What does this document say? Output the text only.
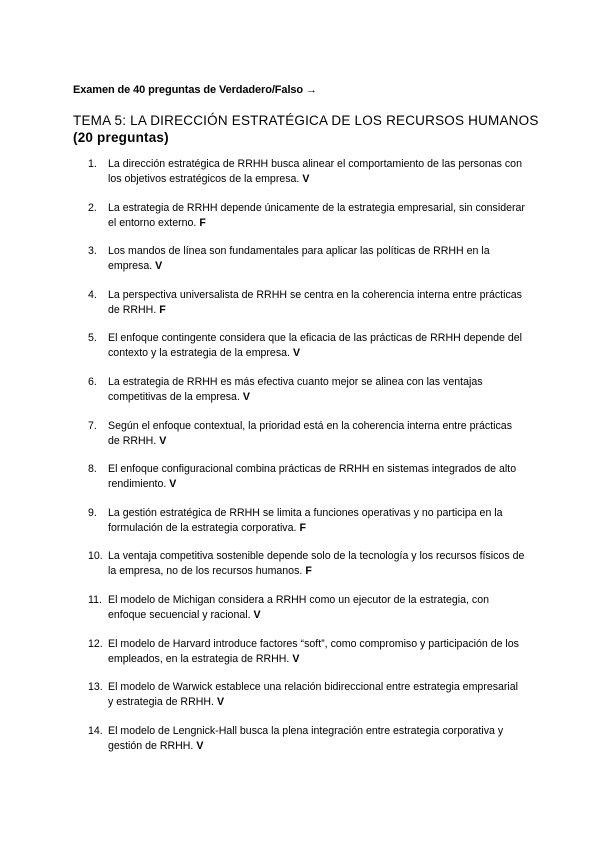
Examen de 40 preguntas de Verdadero/Falso →
TEMA 5: LA DIRECCIÓN ESTRATÉGICA DE LOS RECURSOS HUMANOS
(20 preguntas)
1.	La dirección estratégica de RRHH busca alinear el comportamiento de las personas con los objetivos estratégicos de la empresa. V
2.	La estrategia de RRHH depende únicamente de la estrategia empresarial, sin considerar el entorno externo. F
3.	Los mandos de línea son fundamentales para aplicar las políticas de RRHH en la empresa. V
4.	La perspectiva universalista de RRHH se centra en la coherencia interna entre prácticas de RRHH. F
5.	El enfoque contingente considera que la eficacia de las prácticas de RRHH depende del contexto y la estrategia de la empresa. V
6.	La estrategia de RRHH es más efectiva cuanto mejor se alinea con las ventajas competitivas de la empresa. V
7.	Según el enfoque contextual, la prioridad está en la coherencia interna entre prácticas de RRHH. V
8.	El enfoque configuracional combina prácticas de RRHH en sistemas integrados de alto rendimiento. V
9.	La gestión estratégica de RRHH se limita a funciones operativas y no participa en la formulación de la estrategia corporativa. F
10. La ventaja competitiva sostenible depende solo de la tecnología y los recursos físicos de la empresa, no de los recursos humanos. F
11. El modelo de Michigan considera a RRHH como un ejecutor de la estrategia, con enfoque secuencial y racional. V
12. El modelo de Harvard introduce factores “soft”, como compromiso y participación de los empleados, en la estrategia de RRHH. V
13. El modelo de Warwick establece una relación bidireccional entre estrategia empresarial y estrategia de RRHH. V
14. El modelo de Lengnick-Hall busca la plena integración entre estrategia corporativa y gestión de RRHH. V
